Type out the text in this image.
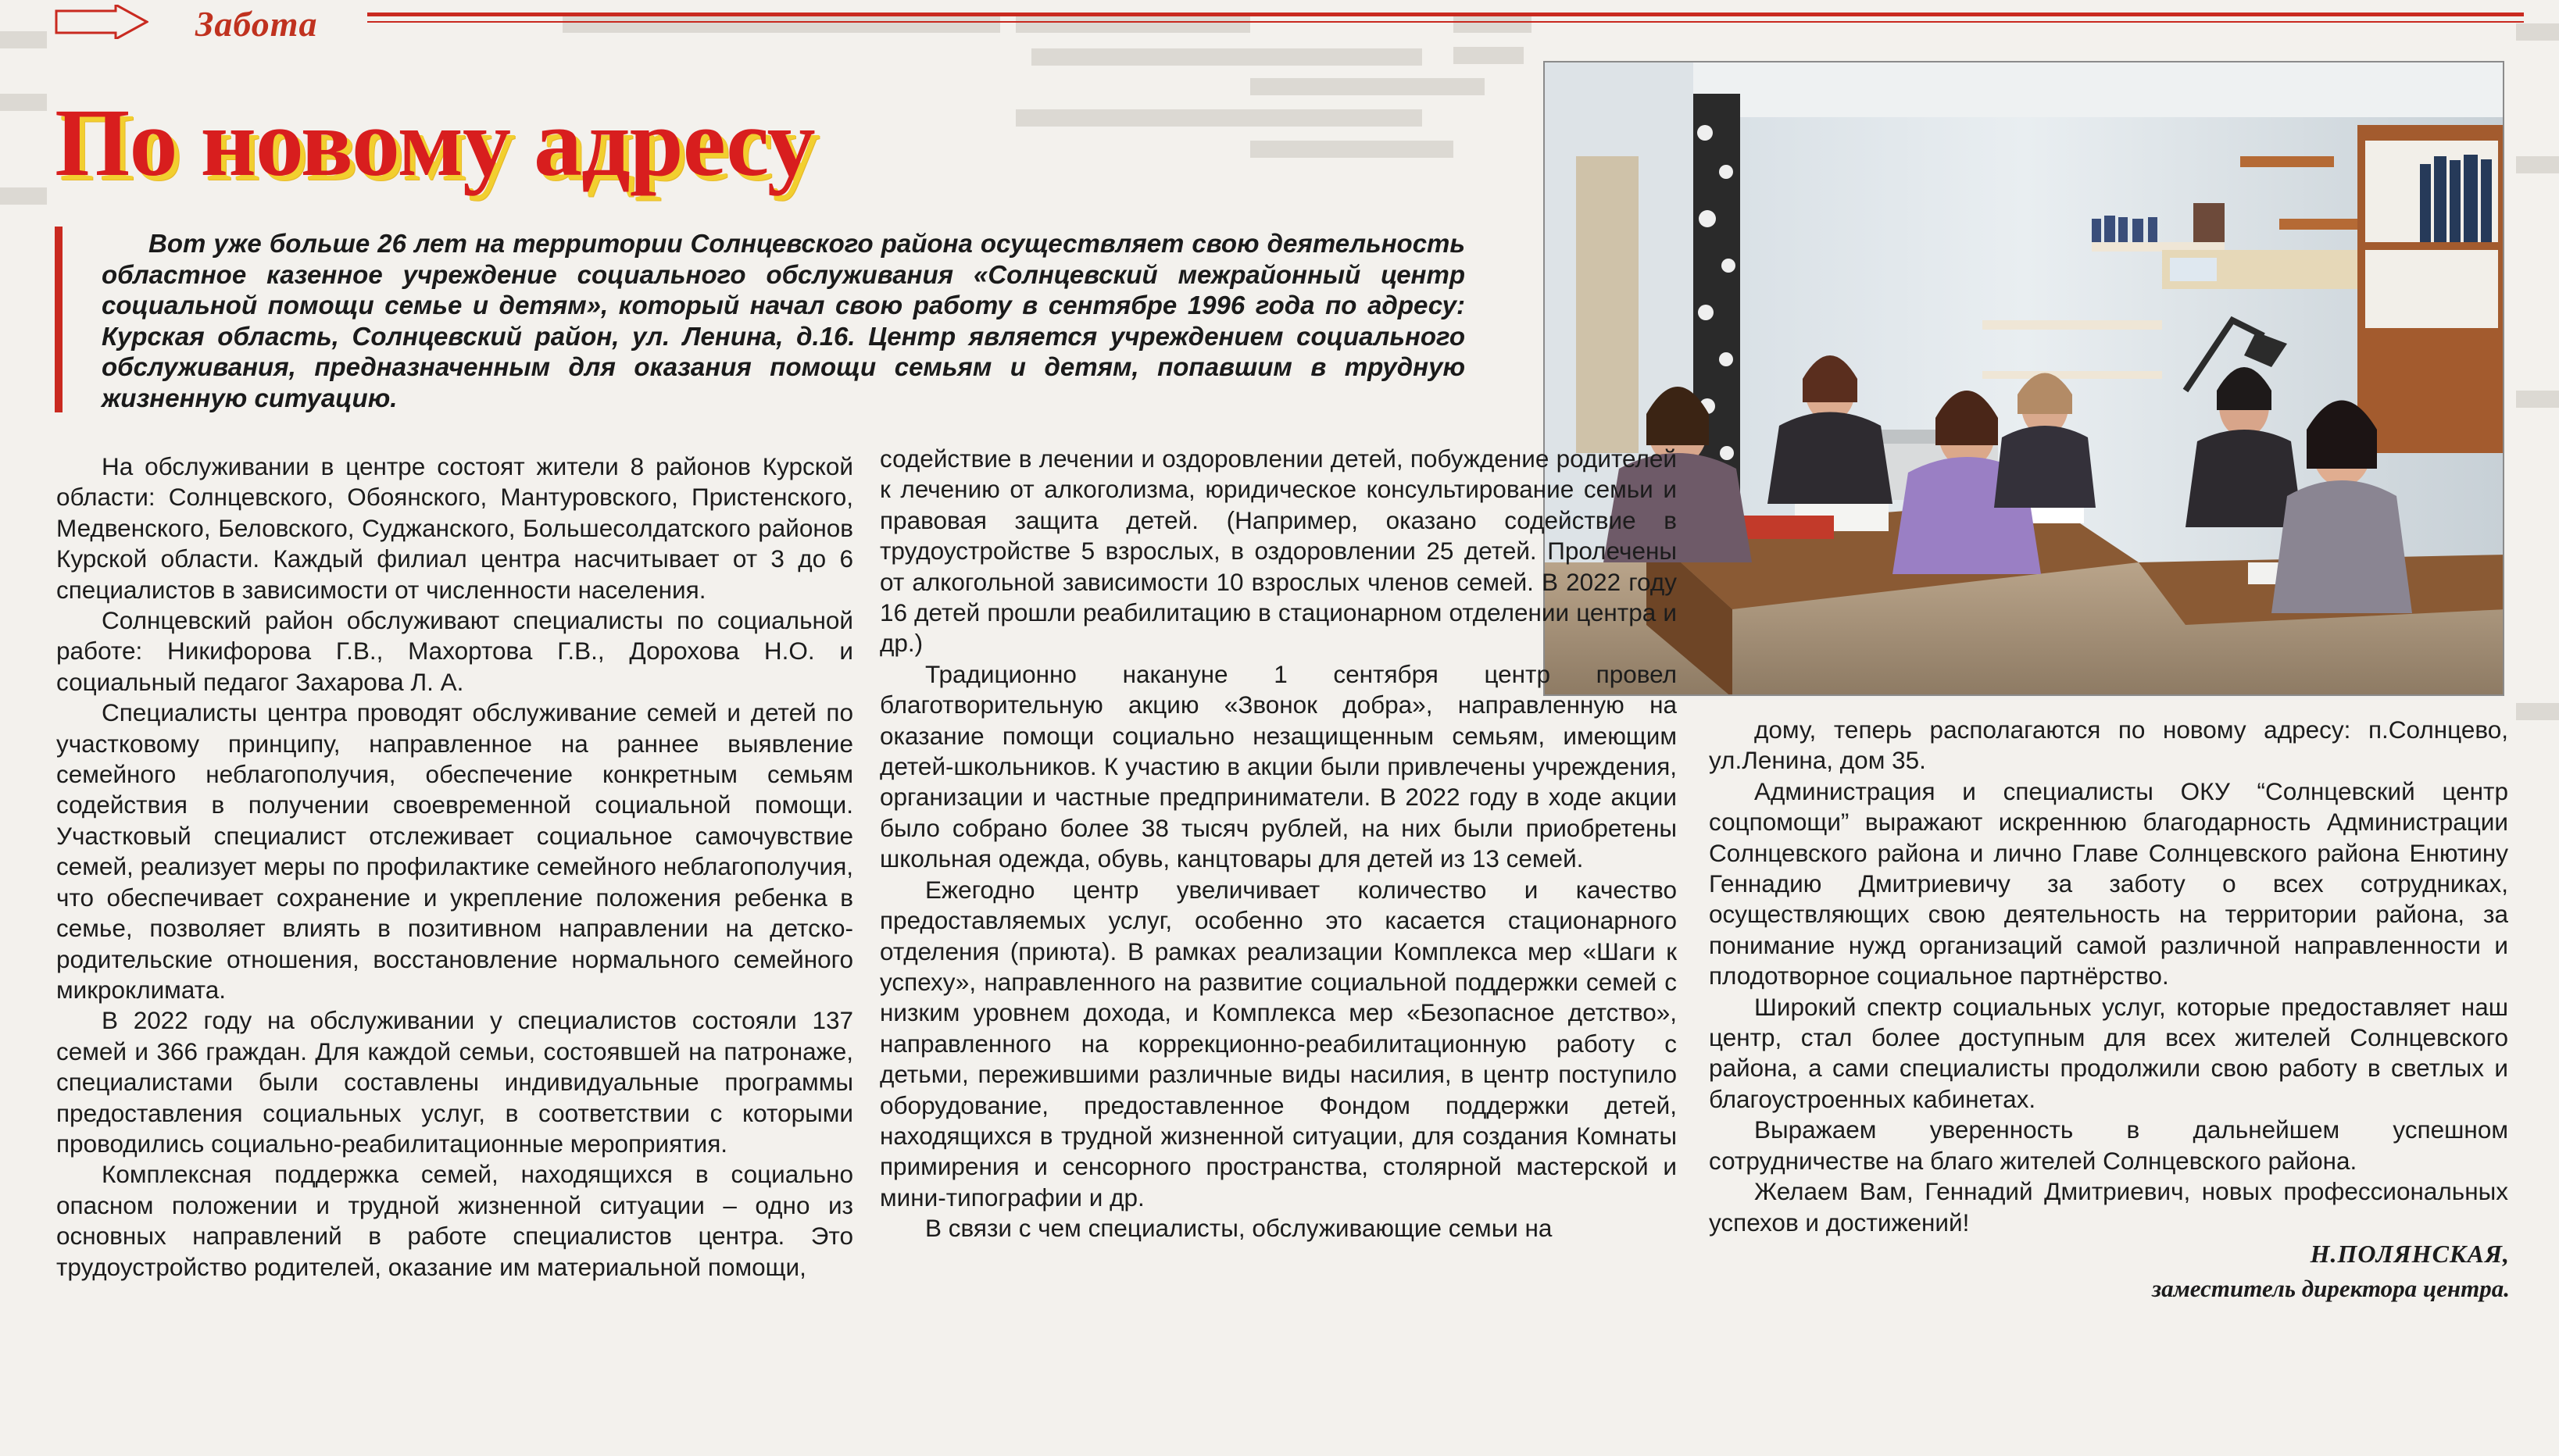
Забота
По новому адресу

Вот уже больше 26 лет на территории Солнцевского района осуществляет свою деятельность областное казенное учреждение социального обслуживания «Солнцевский межрайонный центр социальной помощи семье и детям», который начал свою работу в сентябре 1996 года по адресу: Курская область, Солнцевский район, ул. Ленина, д.16. Центр является учреждением социального обслуживания, предназначенным для оказания помощи семьям и детям, попавшим в трудную жизненную ситуацию.

На обслуживании в центре состоят жители 8 районов Курской области: Солнцевского, Обоянского, Мантуровского, Пристенского, Медвенского, Беловского, Суджанского, Большесолдатского районов Курской области. Каждый филиал центра насчитывает от 3 до 6 специалистов в зависимости от численности населения.

Солнцевский район обслуживают специалисты по социальной работе: Никифорова Г.В., Махортова Г.В., Дорохова Н.О. и социальный педагог Захарова Л. А.

Специалисты центра проводят обслуживание семей и детей по участковому принципу, направленное на раннее выявление семейного неблагополучия, обеспечение конкретным семьям содействия в получении своевременной социальной помощи. Участковый специалист отслеживает социальное самочувствие семей, реализует меры по профилактике семейного неблагополучия, что обеспечивает сохранение и укрепление положения ребенка в семье, позволяет влиять в позитивном направлении на детско-родительские отношения, восстановление нормального семейного микроклимата.

В 2022 году на обслуживании у специалистов состояли 137 семей и 366 граждан. Для каждой семьи, состоявшей на патронаже, специалистами были составлены индивидуальные программы предоставления социальных услуг, в соответствии с которыми проводились социально-реабилитационные мероприятия.

Комплексная поддержка семей, находящихся в социально опасном положении и трудной жизненной ситуации – одно из основных направлений в работе специалистов центра. Это трудоустройство родителей, оказание им материальной помощи,

содействие в лечении и оздоровлении детей, побуждение родителей к лечению от алкоголизма, юридическое консультирование семьи и правовая защита детей. (Например, оказано содействие в трудоустройстве 5 взрослых, в оздоровлении 25 детей. Пролечены от алкогольной зависимости 10 взрослых членов семей. В 2022 году 16 детей прошли реабилитацию в стационарном отделении центра и др.)

Традиционно накануне 1 сентября центр провел благотворительную акцию «Звонок добра», направленную на оказание помощи социально незащищенным семьям, имеющим детей-школьников. К участию в акции были привлечены учреждения, организации и частные предприниматели. В 2022 году в ходе акции было собрано более 38 тысяч рублей, на них были приобретены школьная одежда, обувь, канцтовары для детей из 13 семей.

Ежегодно центр увеличивает количество и качество предоставляемых услуг, особенно это касается стационарного отделения (приюта). В рамках реализации Комплекса мер «Шаги к успеху», направленного на развитие социальной поддержки семей с низким уровнем дохода, и Комплекса мер «Безопасное детство», направленного на коррекционно-реабилитационную работу с детьми, пережившими различные виды насилия, в центр поступило оборудование, предоставленное Фондом поддержки детей, находящихся в трудной жизненной ситуации, для создания Комнаты примирения и сенсорного пространства, столярной мастерской и мини-типографии и др.

В связи с чем специалисты, обслуживающие семьи на

дому, теперь располагаются по новому адресу: п.Солнцево, ул.Ленина, дом 35.

Администрация и специалисты ОКУ “Солнцевский центр соцпомощи” выражают искреннюю благодарность Администрации Солнцевского района и лично Главе Солнцевского района Енютину Геннадию Дмитриевичу за заботу о всех сотрудниках, осуществляющих свою деятельность на территории района, за понимание нужд организаций самой различной направленности и плодотворное социальное партнёрство.

Широкий спектр социальных услуг, которые предоставляет наш центр, стал более доступным для всех жителей Солнцевского района, а сами специалисты продолжили свою работу в светлых и благоустроенных кабинетах.

Выражаем уверенность в дальнейшем успешном сотрудничестве на благо жителей Солнцевского района.

Желаем Вам, Геннадий Дмитриевич, новых профессиональных успехов и достижений!

Н.ПОЛЯНСКАЯ,
заместитель директора центра.
